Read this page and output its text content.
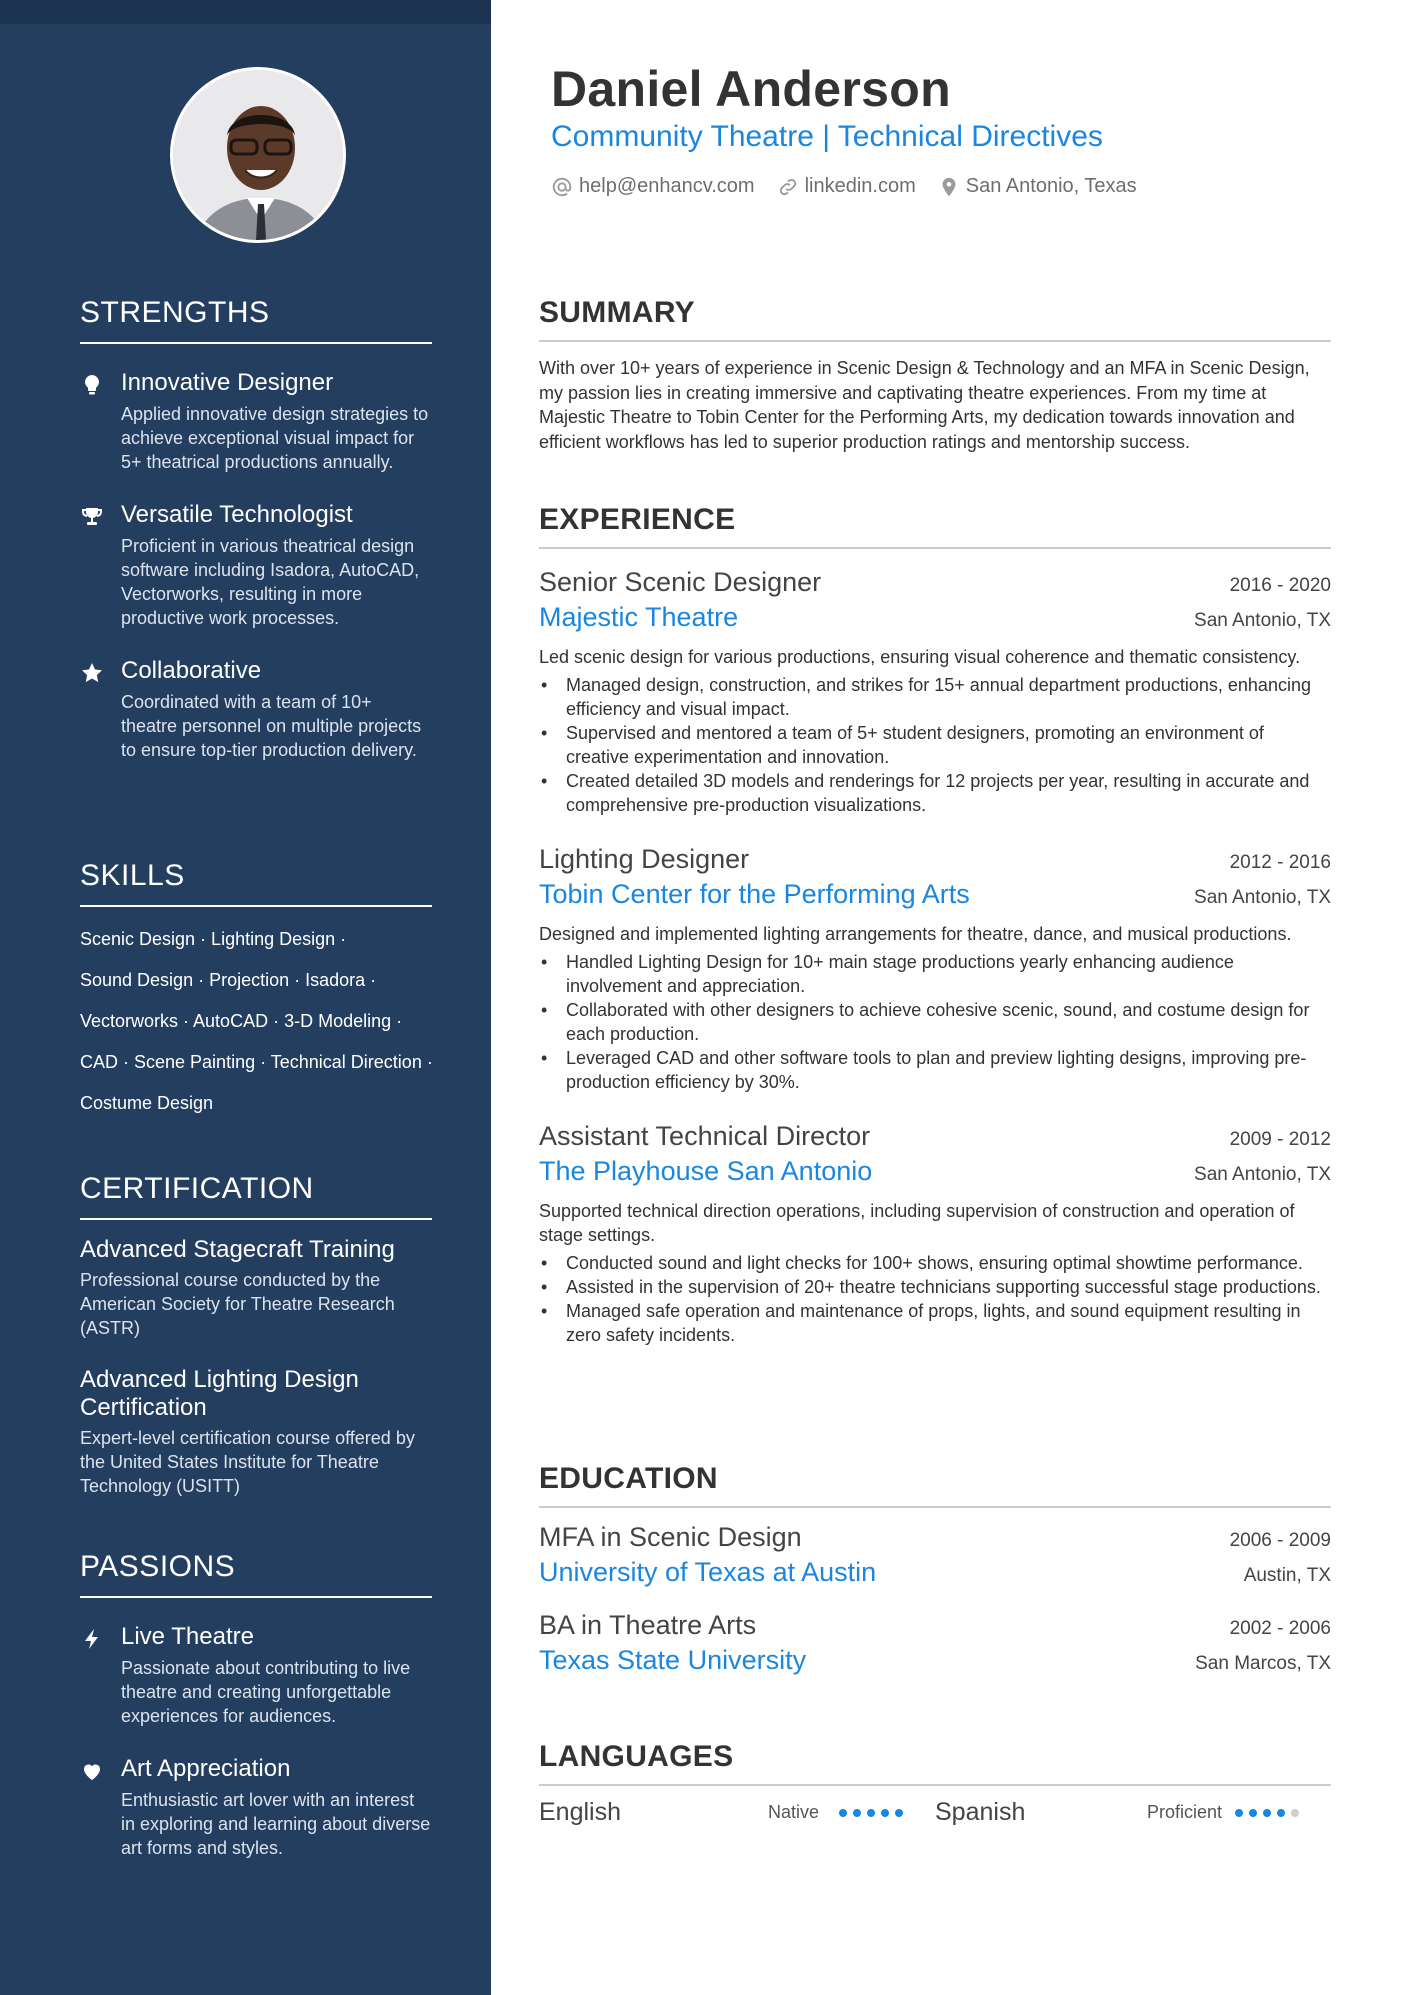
STRENGTHS
Innovative Designer
Applied innovative design strategies to achieve exceptional visual impact for 5+ theatrical productions annually.
Versatile Technologist
Proficient in various theatrical design software including Isadora, AutoCAD, Vectorworks, resulting in more productive work processes.
Collaborative
Coordinated with a team of 10+ theatre personnel on multiple projects to ensure top-tier production delivery.
SKILLS
Scenic Design · Lighting Design ·
Sound Design · Projection · Isadora ·
Vectorworks · AutoCAD · 3-D Modeling ·
CAD · Scene Painting · Technical Direction ·
Costume Design
CERTIFICATION
Advanced Stagecraft Training
Professional course conducted by the American Society for Theatre Research (ASTR)
Advanced Lighting Design Certification
Expert-level certification course offered by the United States Institute for Theatre Technology (USITT)
PASSIONS
Live Theatre
Passionate about contributing to live theatre and creating unforgettable experiences for audiences.
Art Appreciation
Enthusiastic art lover with an interest in exploring and learning about diverse art forms and styles.
Daniel Anderson
Community Theatre | Technical Directives
help@enhancv.com	linkedin.com	San Antonio, Texas
SUMMARY

With over 10+ years of experience in Scenic Design & Technology and an MFA in Scenic Design, my passion lies in creating immersive and captivating theatre experiences. From my time at Majestic Theatre to Tobin Center for the Performing Arts, my dedication towards innovation and efficient workflows has led to superior production ratings and mentorship success.

EXPERIENCE
Senior Scenic Designer	2016 - 2020
Majestic Theatre	San Antonio, TX

Led scenic design for various productions, ensuring visual coherence and thematic consistency.

• Managed design, construction, and strikes for 15+ annual department productions, enhancing efficiency and visual impact.
• Supervised and mentored a team of 5+ student designers, promoting an environment of creative experimentation and innovation.
• Created detailed 3D models and renderings for 12 projects per year, resulting in accurate and comprehensive pre-production visualizations.
Lighting Designer	2012 - 2016
Tobin Center for the Performing Arts	San Antonio, TX

Designed and implemented lighting arrangements for theatre, dance, and musical productions.

• Handled Lighting Design for 10+ main stage productions yearly enhancing audience involvement and appreciation.
• Collaborated with other designers to achieve cohesive scenic, sound, and costume design for each production.
• Leveraged CAD and other software tools to plan and preview lighting designs, improving pre-production efficiency by 30%.
Assistant Technical Director	2009 - 2012
The Playhouse San Antonio	San Antonio, TX

Supported technical direction operations, including supervision of construction and operation of stage settings.

• Conducted sound and light checks for 100+ shows, ensuring optimal showtime performance.
• Assisted in the supervision of 20+ theatre technicians supporting successful stage productions.
• Managed safe operation and maintenance of props, lights, and sound equipment resulting in zero safety incidents.
EDUCATION
MFA in Scenic Design	2006 - 2009
University of Texas at Austin	Austin, TX
BA in Theatre Arts	2002 - 2006
Texas State University	San Marcos, TX
LANGUAGES
English	Native	Spanish	Proficient
